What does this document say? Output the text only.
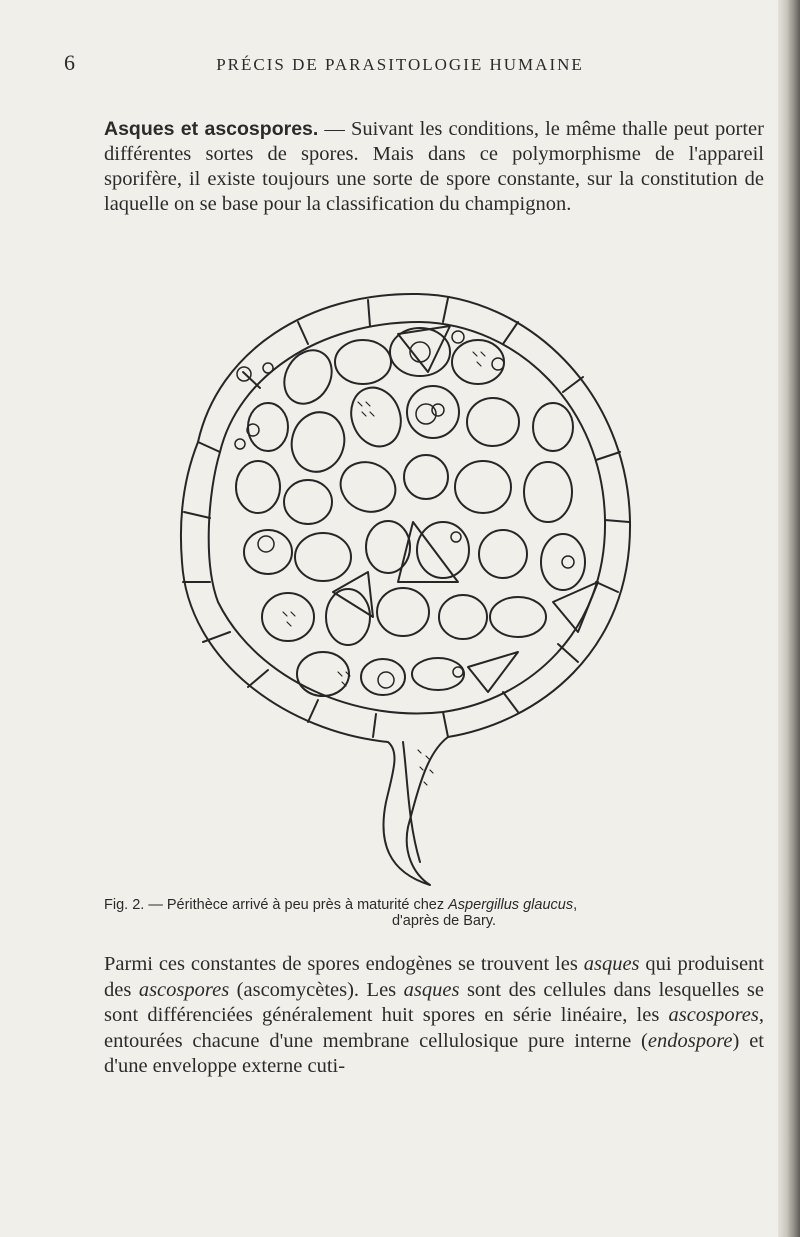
6	PRÉCIS DE PARASITOLOGIE HUMAINE

Asques et ascospores. — Suivant les conditions, le même thalle peut porter différentes sortes de spores. Mais dans ce polymorphisme de l'appareil sporifère, il existe toujours une sorte de spore constante, sur la constitution de laquelle on se base pour la classification du champignon.

Fig. 2. — Périthèce arrivé à peu près à maturité chez Aspergillus glaucus,
d'après de Bary.

Parmi ces constantes de spores endogènes se trouvent les asques qui produisent des ascospores (ascomycètes). Les asques sont des cellules dans lesquelles se sont différenciées généralement huit spores en série linéaire, les ascospores, entourées chacune d'une membrane cellulosique pure interne (endospore) et d'une enveloppe externe cuti-
